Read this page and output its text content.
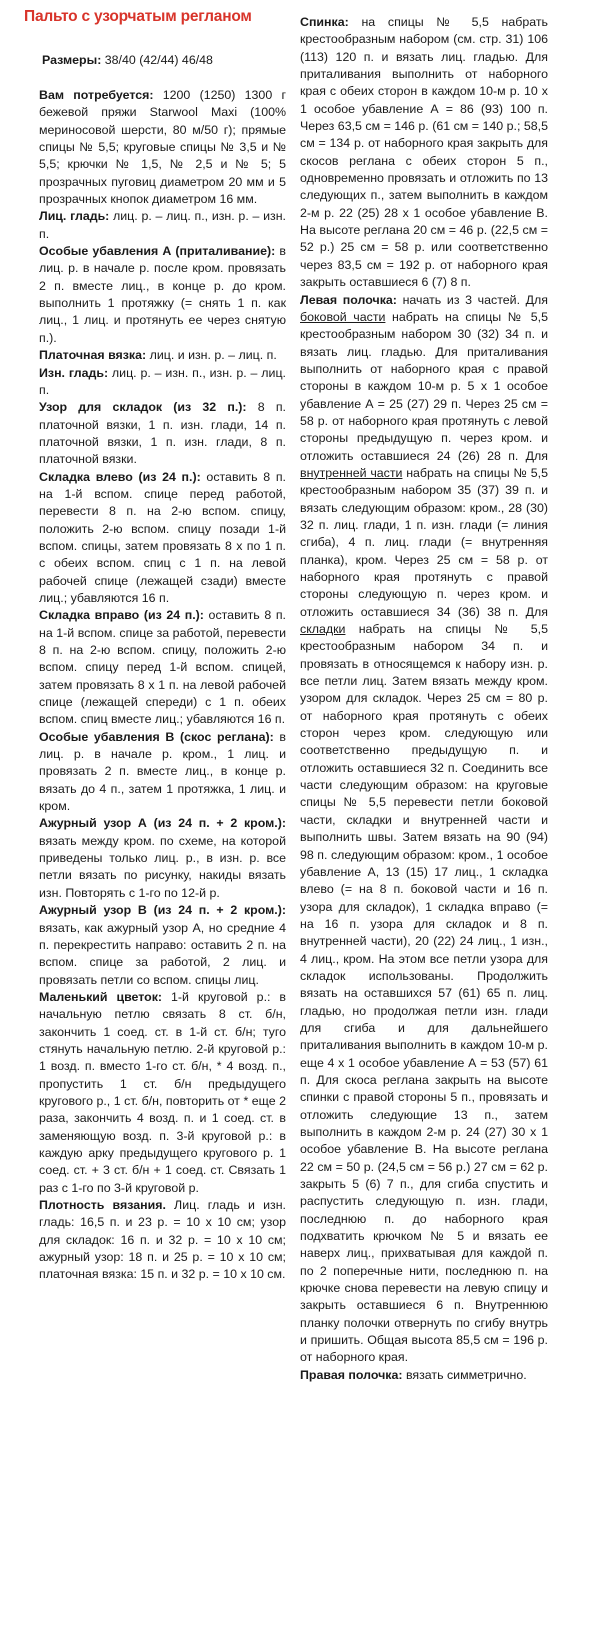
Пальто с узорчатым регланом
Размеры: 38/40 (42/44) 46/48

Вам потребуется: 1200 (1250) 1300 г бежевой пряжи Starwool Maxi (100% мериносовой шерсти, 80 м/50 г); прямые спицы № 5,5; круговые спицы № 3,5 и № 5,5; крючки № 1,5, № 2,5 и № 5; 5 прозрачных пуговиц диаметром 20 мм и 5 прозрачных кнопок диаметром 16 мм.

Лиц. гладь: лиц. р. – лиц. п., изн. р. – изн. п.

Особые убавления А (приталивание): в лиц. р. в начале р. после кром. провязать 2 п. вместе лиц., в конце р. до кром. выполнить 1 протяжку (= снять 1 п. как лиц., 1 лиц. и протянуть ее через снятую п.).

Платочная вязка: лиц. и изн. р. – лиц. п.

Изн. гладь: лиц. р. – изн. п., изн. р. – лиц. п.

Узор для складок (из 32 п.): 8 п. платочной вязки, 1 п. изн. глади, 14 п. платочной вязки, 1 п. изн. глади, 8 п. платочной вязки.

Складка влево (из 24 п.): оставить 8 п. на 1-й вспом. спице перед работой, перевести 8 п. на 2-ю вспом. спицу, положить 2-ю вспом. спицу позади 1-й вспом. спицы, затем провязать 8 х по 1 п. с обеих вспом. спиц с 1 п. на левой рабочей спице (лежащей сзади) вместе лиц.; убавляются 16 п.

Складка вправо (из 24 п.): оставить 8 п. на 1-й вспом. спице за работой, перевести 8 п. на 2-ю вспом. спицу, положить 2-ю вспом. спицу перед 1-й вспом. спицей, затем провязать 8 х 1 п. на левой рабочей спице (лежащей спереди) с 1 п. обеих вспом. спиц вместе лиц.; убавляются 16 п.

Особые убавления В (скос реглана): в лиц. р. в начале р. кром., 1 лиц. и провязать 2 п. вместе лиц., в конце р. вязать до 4 п., затем 1 протяжка, 1 лиц. и кром.

Ажурный узор А (из 24 п. + 2 кром.): вязать между кром. по схеме, на которой приведены только лиц. р., в изн. р. все петли вязать по рисунку, накиды вязать изн. Повторять с 1-го по 12-й р.

Ажурный узор В (из 24 п. + 2 кром.): вязать, как ажурный узор А, но средние 4 п. перекрестить направо: оставить 2 п. на вспом. спице за работой, 2 лиц. и провязать петли со вспом. спицы лиц.

Маленький цветок: 1-й круговой р.: в начальную петлю связать 8 ст. б/н, закончить 1 соед. ст. в 1-й ст. б/н; туго стянуть начальную петлю. 2-й круговой р.: 1 возд. п. вместо 1-го ст. б/н, * 4 возд. п., пропустить 1 ст. б/н предыдущего кругового р., 1 ст. б/н, повторить от * еще 2 раза, закончить 4 возд. п. и 1 соед. ст. в заменяющую возд. п. 3-й круговой р.: в каждую арку предыдущего кругового р. 1 соед. ст. + 3 ст. б/н + 1 соед. ст. Связать 1 раз с 1-го по 3-й круговой р.

Плотность вязания. Лиц. гладь и изн. гладь: 16,5 п. и 23 р. = 10 х 10 см; узор для складок: 16 п. и 32 р. = 10 х 10 см; ажурный узор: 18 п. и 25 р. = 10 х 10 см; платочная вязка: 15 п. и 32 р. = 10 х 10 см.

Спинка: на спицы № 5,5 набрать крестообразным набором (см. стр. 31) 106 (113) 120 п. и вязать лиц. гладью. Для приталивания выполнить от наборного края с обеих сторон в каждом 10-м р. 10 х 1 особое убавление А = 86 (93) 100 п. Через 63,5 см = 146 р. (61 см = 140 р.; 58,5 см = 134 р. от наборного края закрыть для скосов реглана с обеих сторон 5 п., одновременно провязать и отложить по 13 следующих п., затем выполнить в каждом 2-м р. 22 (25) 28 х 1 особое убавление В. На высоте реглана 20 см = 46 р. (22,5 см = 52 р.) 25 см = 58 р. или соответственно через 83,5 см = 192 р. от наборного края закрыть оставшиеся 6 (7) 8 п.

Левая полочка: начать из 3 частей. Для боковой части набрать на спицы № 5,5 крестообразным набором 30 (32) 34 п. и вязать лиц. гладью. Для приталивания выполнить от наборного края с правой стороны в каждом 10-м р. 5 х 1 особое убавление А = 25 (27) 29 п. Через 25 см = 58 р. от наборного края протянуть с левой стороны предыдущую п. через кром. и отложить оставшиеся 24 (26) 28 п. Для внутренней части набрать на спицы № 5,5 крестообразным набором 35 (37) 39 п. и вязать следующим образом: кром., 28 (30) 32 п. лиц. глади, 1 п. изн. глади (= линия сгиба), 4 п. лиц. глади (= внутренняя планка), кром. Через 25 см = 58 р. от наборного края протянуть с правой стороны следующую п. через кром. и отложить оставшиеся 34 (36) 38 п. Для складки набрать на спицы № 5,5 крестообразным набором 34 п. и провязать в относящемся к набору изн. р. все петли лиц. Затем вязать между кром. узором для складок. Через 25 см = 80 р. от наборного края протянуть с обеих сторон через кром. следующую или соответственно предыдущую п. и отложить оставшиеся 32 п. Соединить все части следующим образом: на круговые спицы № 5,5 перевести петли боковой части, складки и внутренней части и выполнить швы. Затем вязать на 90 (94) 98 п. следующим образом: кром., 1 особое убавление А, 13 (15) 17 лиц., 1 складка влево (= на 8 п. боковой части и 16 п. узора для складок), 1 складка вправо (= на 16 п. узора для складок и 8 п. внутренней части), 20 (22) 24 лиц., 1 изн., 4 лиц., кром. На этом все петли узора для складок использованы. Продолжить вязать на оставшихся 57 (61) 65 п. лиц. гладью, но продолжая петли изн. глади для сгиба и для дальнейшего приталивания выполнить в каждом 10-м р. еще 4 х 1 особое убавление А = 53 (57) 61 п. Для скоса реглана закрыть на высоте спинки с правой стороны 5 п., провязать и отложить следующие 13 п., затем выполнить в каждом 2-м р. 24 (27) 30 х 1 особое убавление В. На высоте реглана 22 см = 50 р. (24,5 см = 56 р.) 27 см = 62 р. закрыть 5 (6) 7 п., для сгиба спустить и распустить следующую п. изн. глади, последнюю п. до наборного края подхватить крючком № 5 и вязать ее наверх лиц., прихватывая для каждой п. по 2 поперечные нити, последнюю п. на крючке снова перевести на левую спицу и закрыть оставшиеся 6 п. Внутреннюю планку полочки отвернуть по сгибу внутрь и пришить. Общая высота 85,5 см = 196 р. от наборного края.

Правая полочка: вязать симметрично.
